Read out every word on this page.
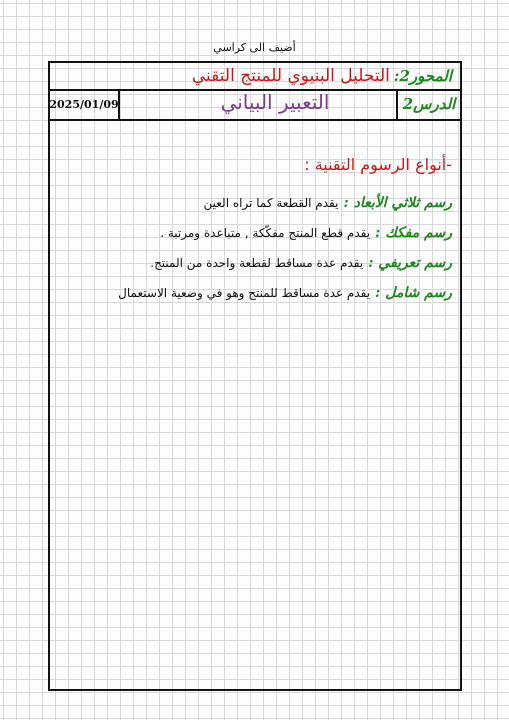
أضيف الى كراسي
المحور2:
التحليل البنيوي للمنتج التقني
الدرس2
التعبير البياني
2025/01/09
-أنواع الرسوم التقنية :
رسم ثلاثي الأبعاد : يقدم القطعة كما تراه العين
رسم مفكك : يقدم قطع المنتج مفكّكة , متباعدة ومرتبة .
رسم تعريفي : يقدم عدة مساقط لقطعة واحدة من المنتج.
رسم شامل : يقدم عدة مساقط للمنتج وهو في وضعية الاستعمال
